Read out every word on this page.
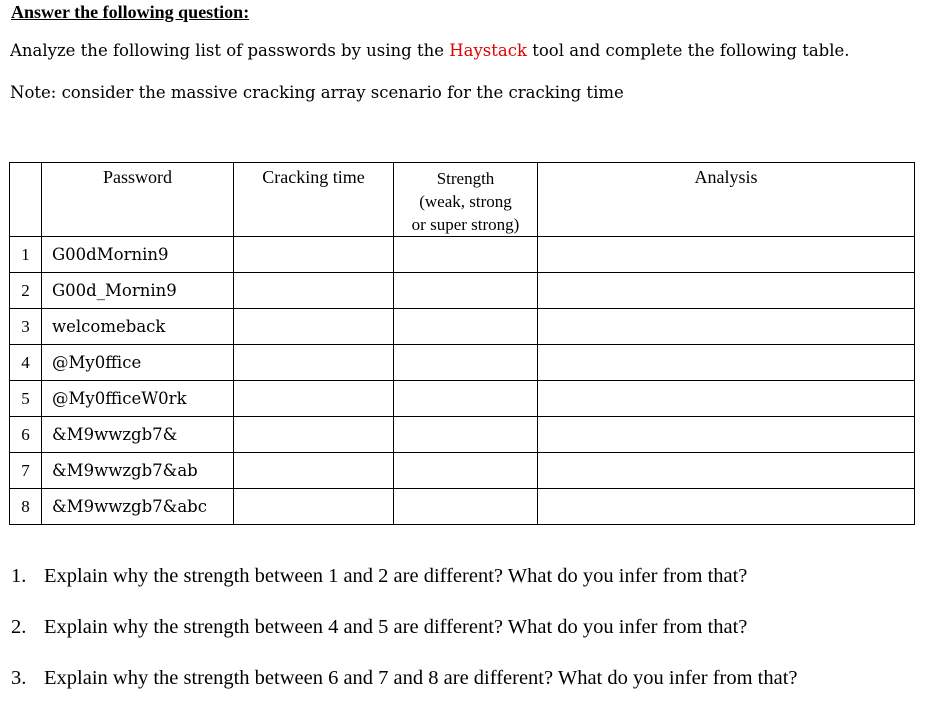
Answer the following question:
Analyze the following list of passwords by using the Haystack tool and complete the following table.
Note: consider the massive cracking array scenario for the cracking time

	Password	Cracking time	Strength
(weak, strong
or super strong)	Analysis

1	G00dMornin9			
2	G00d_Mornin9			
3	welcomeback			
4	@My0ffice			
5	@My0fficeW0rk			
6	&M9wwzgb7&			
7	&M9wwzgb7&ab			
8	&M9wwzgb7&abc			
1. Explain why the strength between 1 and 2 are different? What do you infer from that?
2. Explain why the strength between 4 and 5 are different? What do you infer from that?
3. Explain why the strength between 6 and 7 and 8 are different? What do you infer from that?
